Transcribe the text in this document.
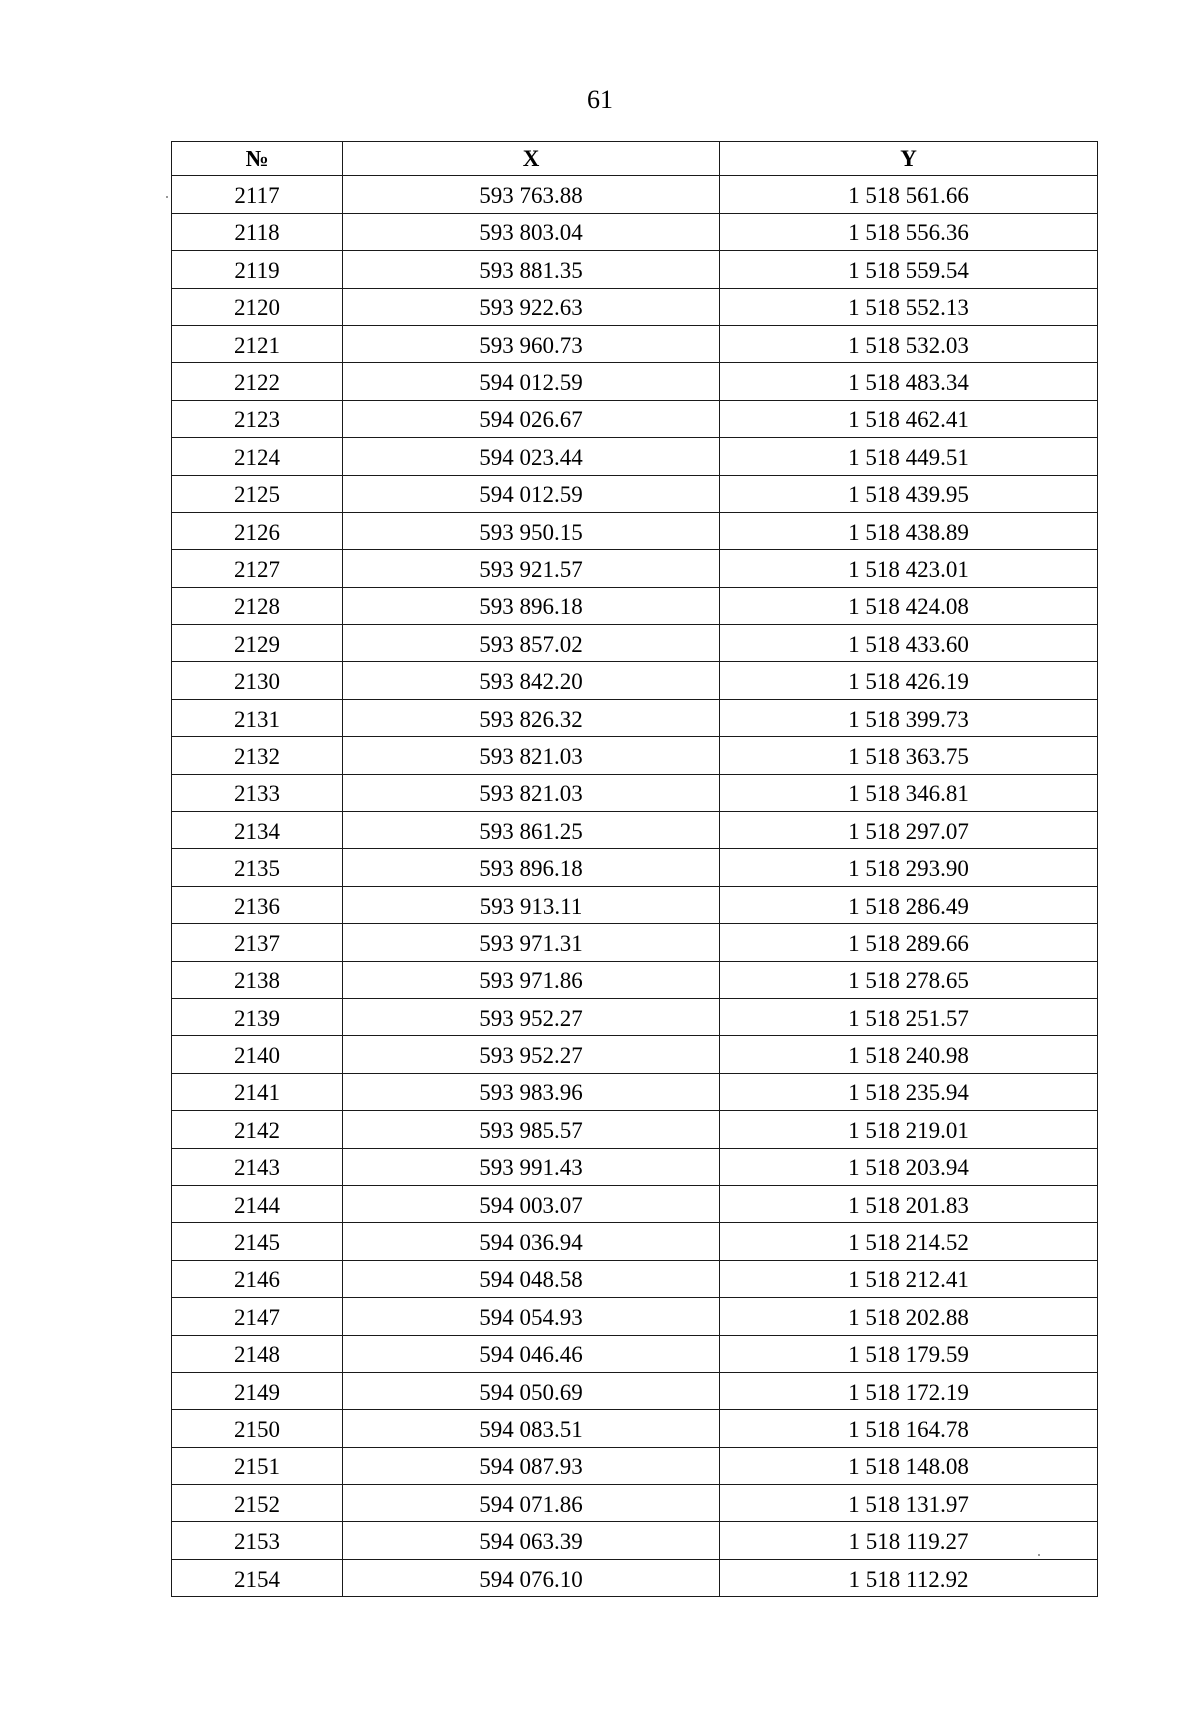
61
№	X	Y
2117	593 763.88	1 518 561.66
2118	593 803.04	1 518 556.36
2119	593 881.35	1 518 559.54
2120	593 922.63	1 518 552.13
2121	593 960.73	1 518 532.03
2122	594 012.59	1 518 483.34
2123	594 026.67	1 518 462.41
2124	594 023.44	1 518 449.51
2125	594 012.59	1 518 439.95
2126	593 950.15	1 518 438.89
2127	593 921.57	1 518 423.01
2128	593 896.18	1 518 424.08
2129	593 857.02	1 518 433.60
2130	593 842.20	1 518 426.19
2131	593 826.32	1 518 399.73
2132	593 821.03	1 518 363.75
2133	593 821.03	1 518 346.81
2134	593 861.25	1 518 297.07
2135	593 896.18	1 518 293.90
2136	593 913.11	1 518 286.49
2137	593 971.31	1 518 289.66
2138	593 971.86	1 518 278.65
2139	593 952.27	1 518 251.57
2140	593 952.27	1 518 240.98
2141	593 983.96	1 518 235.94
2142	593 985.57	1 518 219.01
2143	593 991.43	1 518 203.94
2144	594 003.07	1 518 201.83
2145	594 036.94	1 518 214.52
2146	594 048.58	1 518 212.41
2147	594 054.93	1 518 202.88
2148	594 046.46	1 518 179.59
2149	594 050.69	1 518 172.19
2150	594 083.51	1 518 164.78
2151	594 087.93	1 518 148.08
2152	594 071.86	1 518 131.97
2153	594 063.39	1 518 119.27
2154	594 076.10	1 518 112.92
